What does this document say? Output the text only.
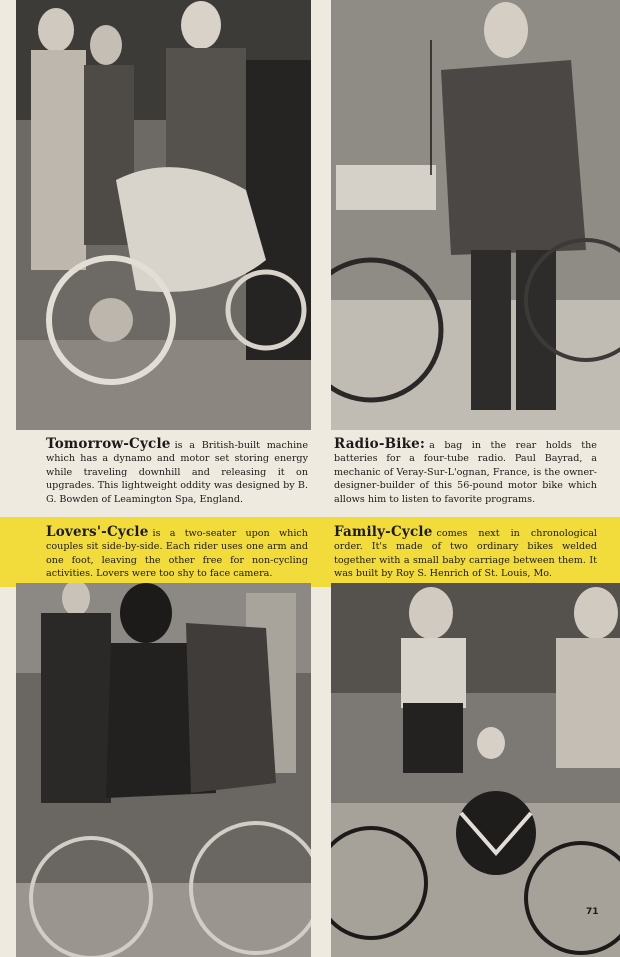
Tomorrow-Cycle is a British-built machine which has a dynamo and motor set storing energy while traveling downhill and releasing it on upgrades. This lightweight oddity was designed by B. G. Bowden of Leamington Spa, England.
Radio-Bike: a bag in the rear holds the batteries for a four-tube radio. Paul Bayrad, a mechanic of Veray-Sur-L'ognan, France, is the owner-designer-builder of this 56-pound motor bike which allows him to listen to favorite programs.
Lovers'-Cycle is a two-seater upon which couples sit side-by-side. Each rider uses one arm and one foot, leaving the other free for non-cycling activities. Lovers were too shy to face camera.
Family-Cycle comes next in chronological order. It's made of two ordinary bikes welded together with a small baby carriage between them. It was built by Roy S. Henrich of St. Louis, Mo.
71
